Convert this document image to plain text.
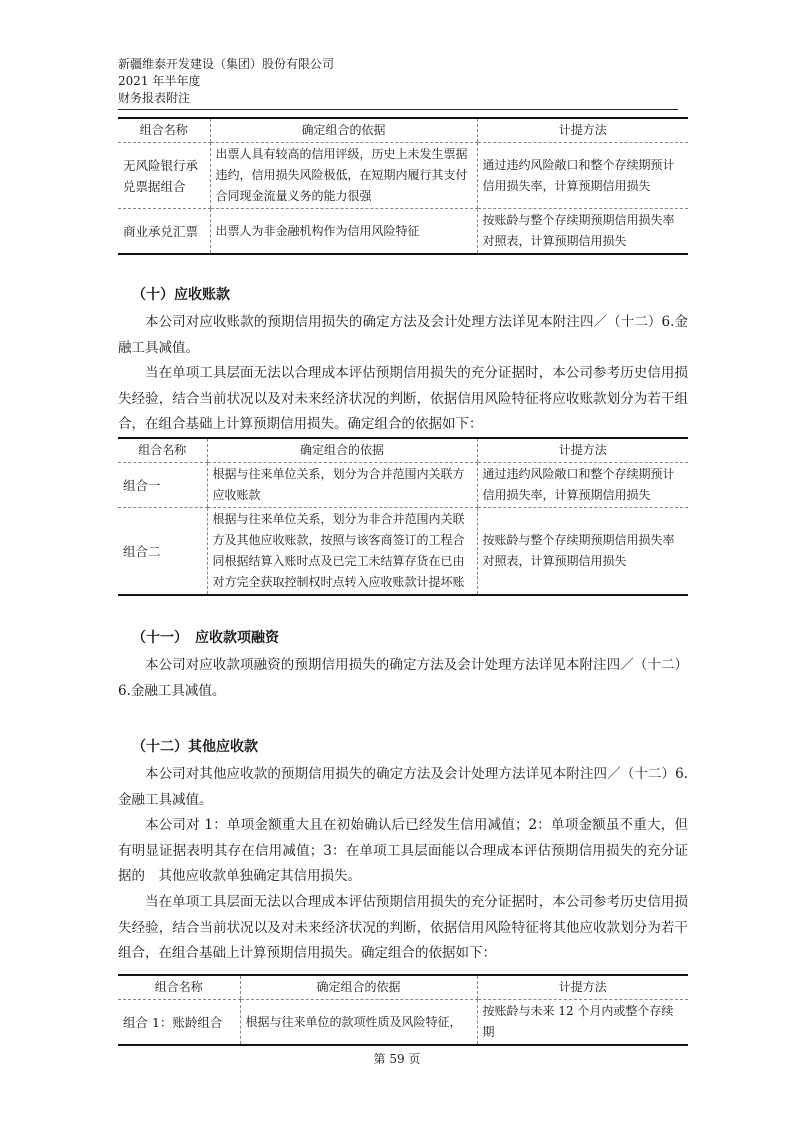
新疆维泰开发建设（集团）股份有限公司
2021 年半年度
财务报表附注
组合名称	确定组合的依据	计提方法
无风险银行承兑票据组合	出票人具有较高的信用评级，历史上未发生票据违约，信用损失风险极低，在短期内履行其支付合同现金流量义务的能力很强	通过违约风险敞口和整个存续期预计信用损失率，计算预期信用损失
商业承兑汇票	出票人为非金融机构作为信用风险特征	按账龄与整个存续期预期信用损失率对照表，计算预期信用损失
（十）应收账款

本公司对应收账款的预期信用损失的确定方法及会计处理方法详见本附注四／（十二）6.金融工具减值。

当在单项工具层面无法以合理成本评估预期信用损失的充分证据时，本公司参考历史信用损失经验，结合当前状况以及对未来经济状况的判断，依据信用风险特征将应收账款划分为若干组合，在组合基础上计算预期信用损失。确定组合的依据如下：

组合名称	确定组合的依据	计提方法
组合一	根据与往来单位关系，划分为合并范围内关联方应收账款	通过违约风险敞口和整个存续期预计信用损失率，计算预期信用损失
组合二	根据与往来单位关系，划分为非合并范围内关联方及其他应收账款，按照与该客商签订的工程合同根据结算入账时点及已完工未结算存货在已由对方完全获取控制权时点转入应收账款计提坏账	按账龄与整个存续期预期信用损失率对照表，计算预期信用损失
（十一）　应收款项融资

本公司对应收款项融资的预期信用损失的确定方法及会计处理方法详见本附注四／（十二）6.金融工具减值。

（十二）其他应收款

本公司对其他应收款的预期信用损失的确定方法及会计处理方法详见本附注四／（十二）6.金融工具减值。

本公司对 1：单项金额重大且在初始确认后已经发生信用减值；2：单项金额虽不重大，但有明显证据表明其存在信用减值；3：在单项工具层面能以合理成本评估预期信用损失的充分证据的　其他应收款单独确定其信用损失。

当在单项工具层面无法以合理成本评估预期信用损失的充分证据时，本公司参考历史信用损失经验，结合当前状况以及对未来经济状况的判断，依据信用风险特征将其他应收款划分为若干组合，在组合基础上计算预期信用损失。确定组合的依据如下：

组合名称	确定组合的依据	计提方法
组合 1：账龄组合	根据与往来单位的款项性质及风险特征，	按账龄与未来 12 个月内或整个存续期
第 59 页
